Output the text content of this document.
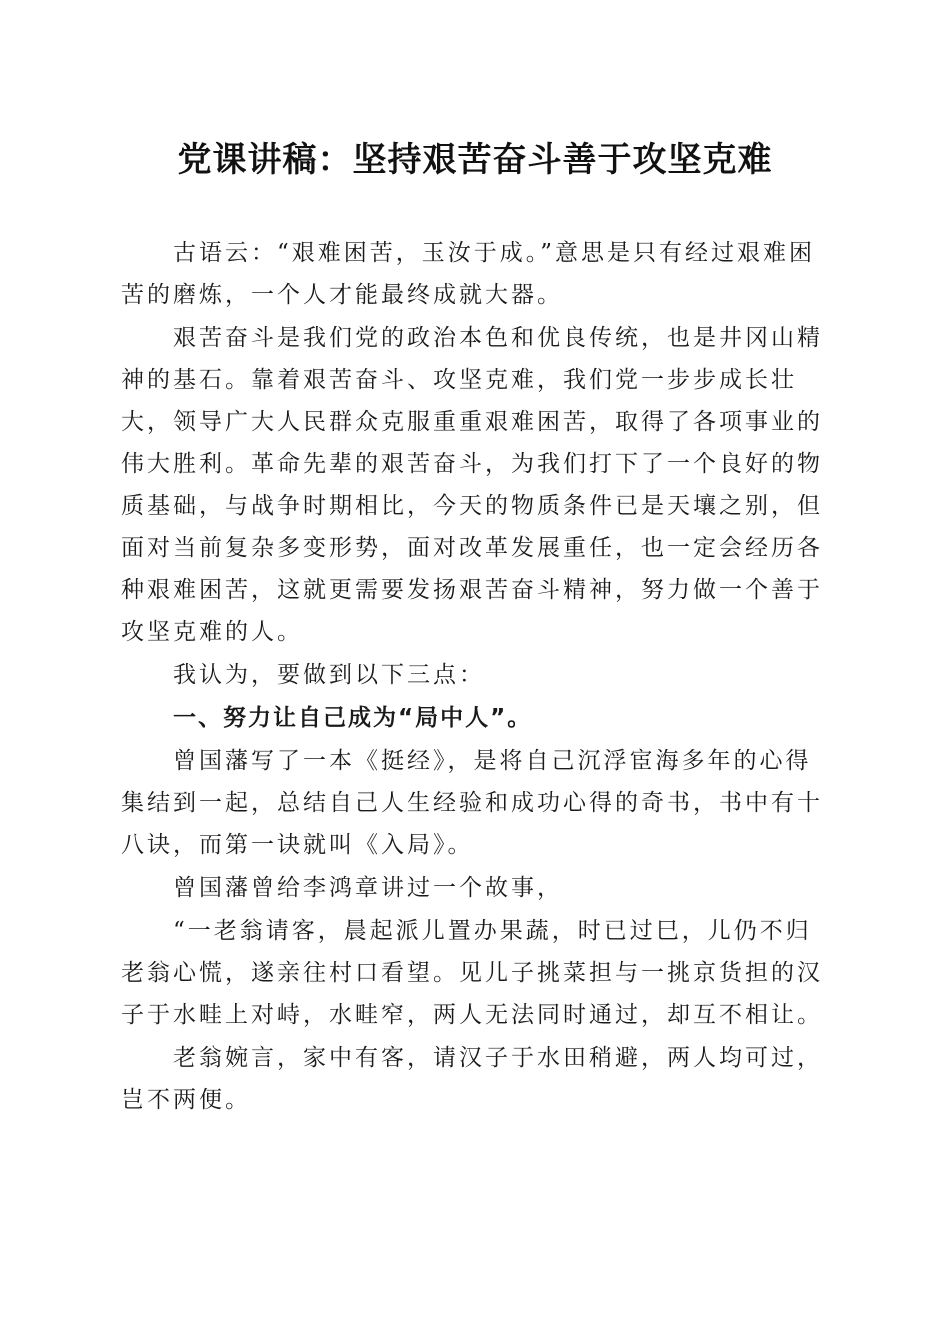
党课讲稿：坚持艰苦奋斗善于攻坚克难

古语云：“艰难困苦，玉汝于成。”意思是只有经过艰难困苦的磨炼，一个人才能最终成就大器。

艰苦奋斗是我们党的政治本色和优良传统，也是井冈山精神的基石。靠着艰苦奋斗、攻坚克难，我们党一步步成长壮大，领导广大人民群众克服重重艰难困苦，取得了各项事业的伟大胜利。革命先辈的艰苦奋斗，为我们打下了一个良好的物质基础，与战争时期相比，今天的物质条件已是天壤之别，但面对当前复杂多变形势，面对改革发展重任，也一定会经历各种艰难困苦，这就更需要发扬艰苦奋斗精神，努力做一个善于攻坚克难的人。

我认为，要做到以下三点：

一、努力让自己成为“局中人”。

曾国藩写了一本《挺经》，是将自己沉浮宦海多年的心得集结到一起，总结自己人生经验和成功心得的奇书，书中有十八诀，而第一诀就叫《入局》。

曾国藩曾给李鸿章讲过一个故事，

“一老翁请客，晨起派儿置办果蔬，时已过巳，儿仍不归老翁心慌，遂亲往村口看望。见儿子挑菜担与一挑京货担的汉子于水畦上对峙，水畦窄，两人无法同时通过，却互不相让。

老翁婉言，家中有客，请汉子于水田稍避，两人均可过，岂不两便。
